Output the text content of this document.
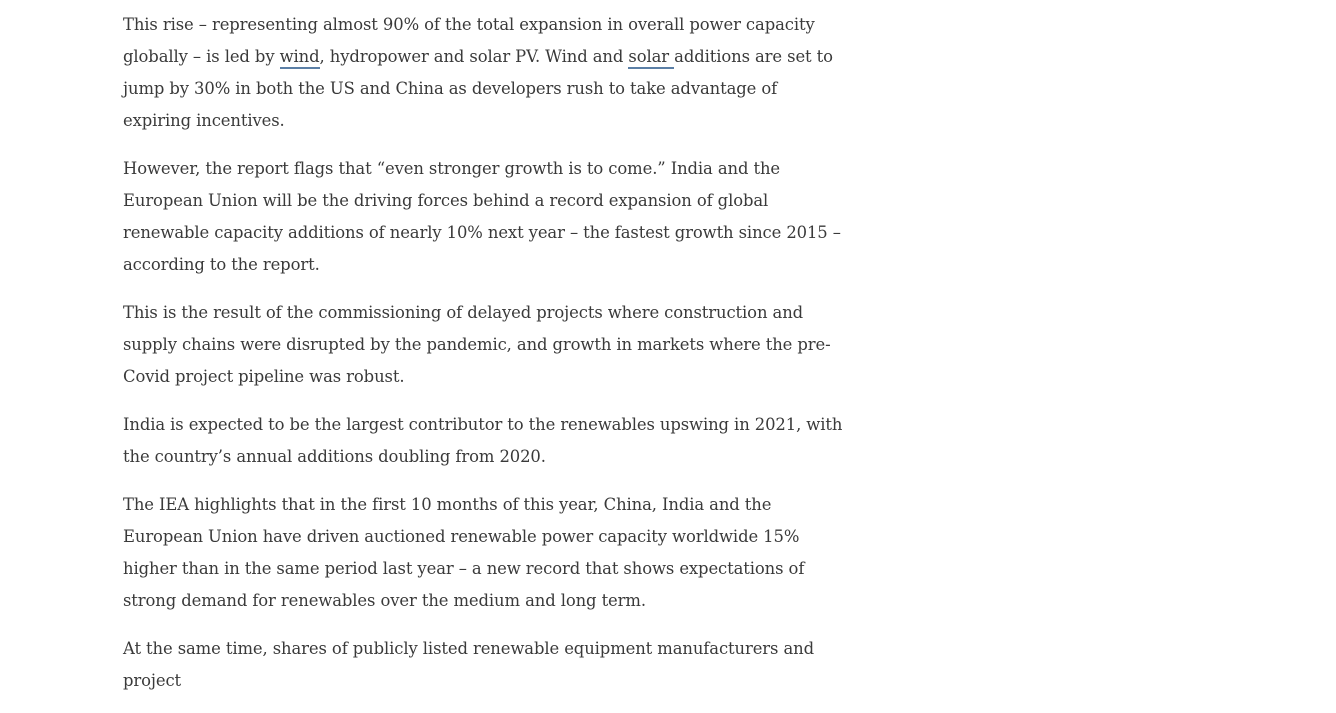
This rise – representing almost 90% of the total expansion in overall power capacity globally – is led by wind, hydropower and solar PV. Wind and solar additions are set to jump by 30% in both the US and China as developers rush to take advantage of expiring incentives.

However, the report flags that “even stronger growth is to come.” India and the European Union will be the driving forces behind a record expansion of global renewable capacity additions of nearly 10% next year – the fastest growth since 2015 – according to the report.

This is the result of the commissioning of delayed projects where construction and supply chains were disrupted by the pandemic, and growth in markets where the pre-Covid project pipeline was robust.

India is expected to be the largest contributor to the renewables upswing in 2021, with the country’s annual additions doubling from 2020.

The IEA highlights that in the first 10 months of this year, China, India and the European Union have driven auctioned renewable power capacity worldwide 15% higher than in the same period last year – a new record that shows expectations of strong demand for renewables over the medium and long term.

At the same time, shares of publicly listed renewable equipment manufacturers and project
